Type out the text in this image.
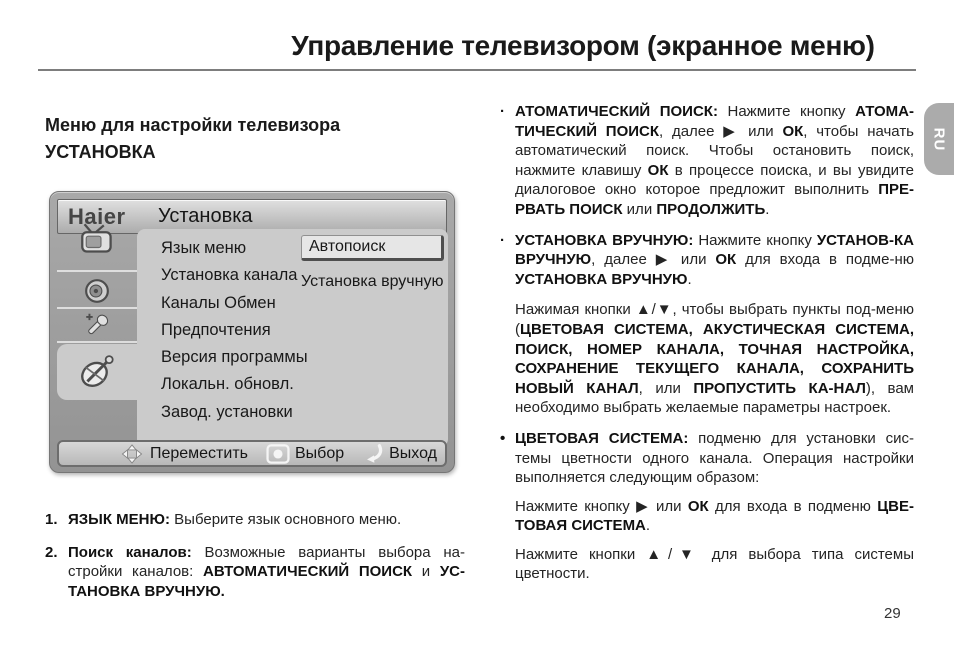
Управление телевизором (экранное меню)
Меню для настройки телевизора
УСТАНОВКА
Haier	Установка
Язык меню
Установка канала
Каналы Обмен
Предпочтения
Версия программы
Локальн. обновл.
Завод. установки
Автопоиск
Установка вручную
Переместить	Выбор	Выход
1. ЯЗЫК МЕНЮ: Выберите язык основного меню.
2. Поиск каналов: Возможные варианты выбора на-стройки каналов: АВТОМАТИЧЕСКИЙ ПОИСК и УС-ТАНОВКА ВРУЧНУЮ.
· АТОМАТИЧЕСКИЙ ПОИСК: Нажмите кнопку АТОМА-ТИЧЕСКИЙ ПОИСК, далее ▶ или ОК, чтобы начать автоматический поиск. Чтобы остановить поиск, нажмите клавишу ОК в процессе поиска, и вы увидите диалоговое окно которое предложит выполнить ПРЕ-РВАТЬ ПОИСК или ПРОДОЛЖИТЬ.
· УСТАНОВКА ВРУЧНУЮ: Нажмите кнопку УСТАНОВ-КА ВРУЧНУЮ, далее ▶ или ОК для входа в подме-ню УСТАНОВКА ВРУЧНУЮ.
Нажимая кнопки ▲/▼, чтобы выбрать пункты под-меню (ЦВЕТОВАЯ СИСТЕМА, АКУСТИЧЕСКАЯ СИСТЕМА, ПОИСК, НОМЕР КАНАЛА, ТОЧНАЯ НАСТРОЙКА, СОХРАНЕНИЕ ТЕКУЩЕГО КАНАЛА, СОХРАНИТЬ НОВЫЙ КАНАЛ, или ПРОПУСТИТЬ КА-НАЛ), вам необходимо выбрать желаемые параметры настроек.
• ЦВЕТОВАЯ СИСТЕМА: подменю для установки сис-темы цветности одного канала. Операция настройки выполняется следующим образом:
Нажмите кнопку ▶ или ОК для входа в подменю ЦВЕ-ТОВАЯ СИСТЕМА.
Нажмите кнопки ▲/▼ для выбора типа системы цветности.
RU
29
